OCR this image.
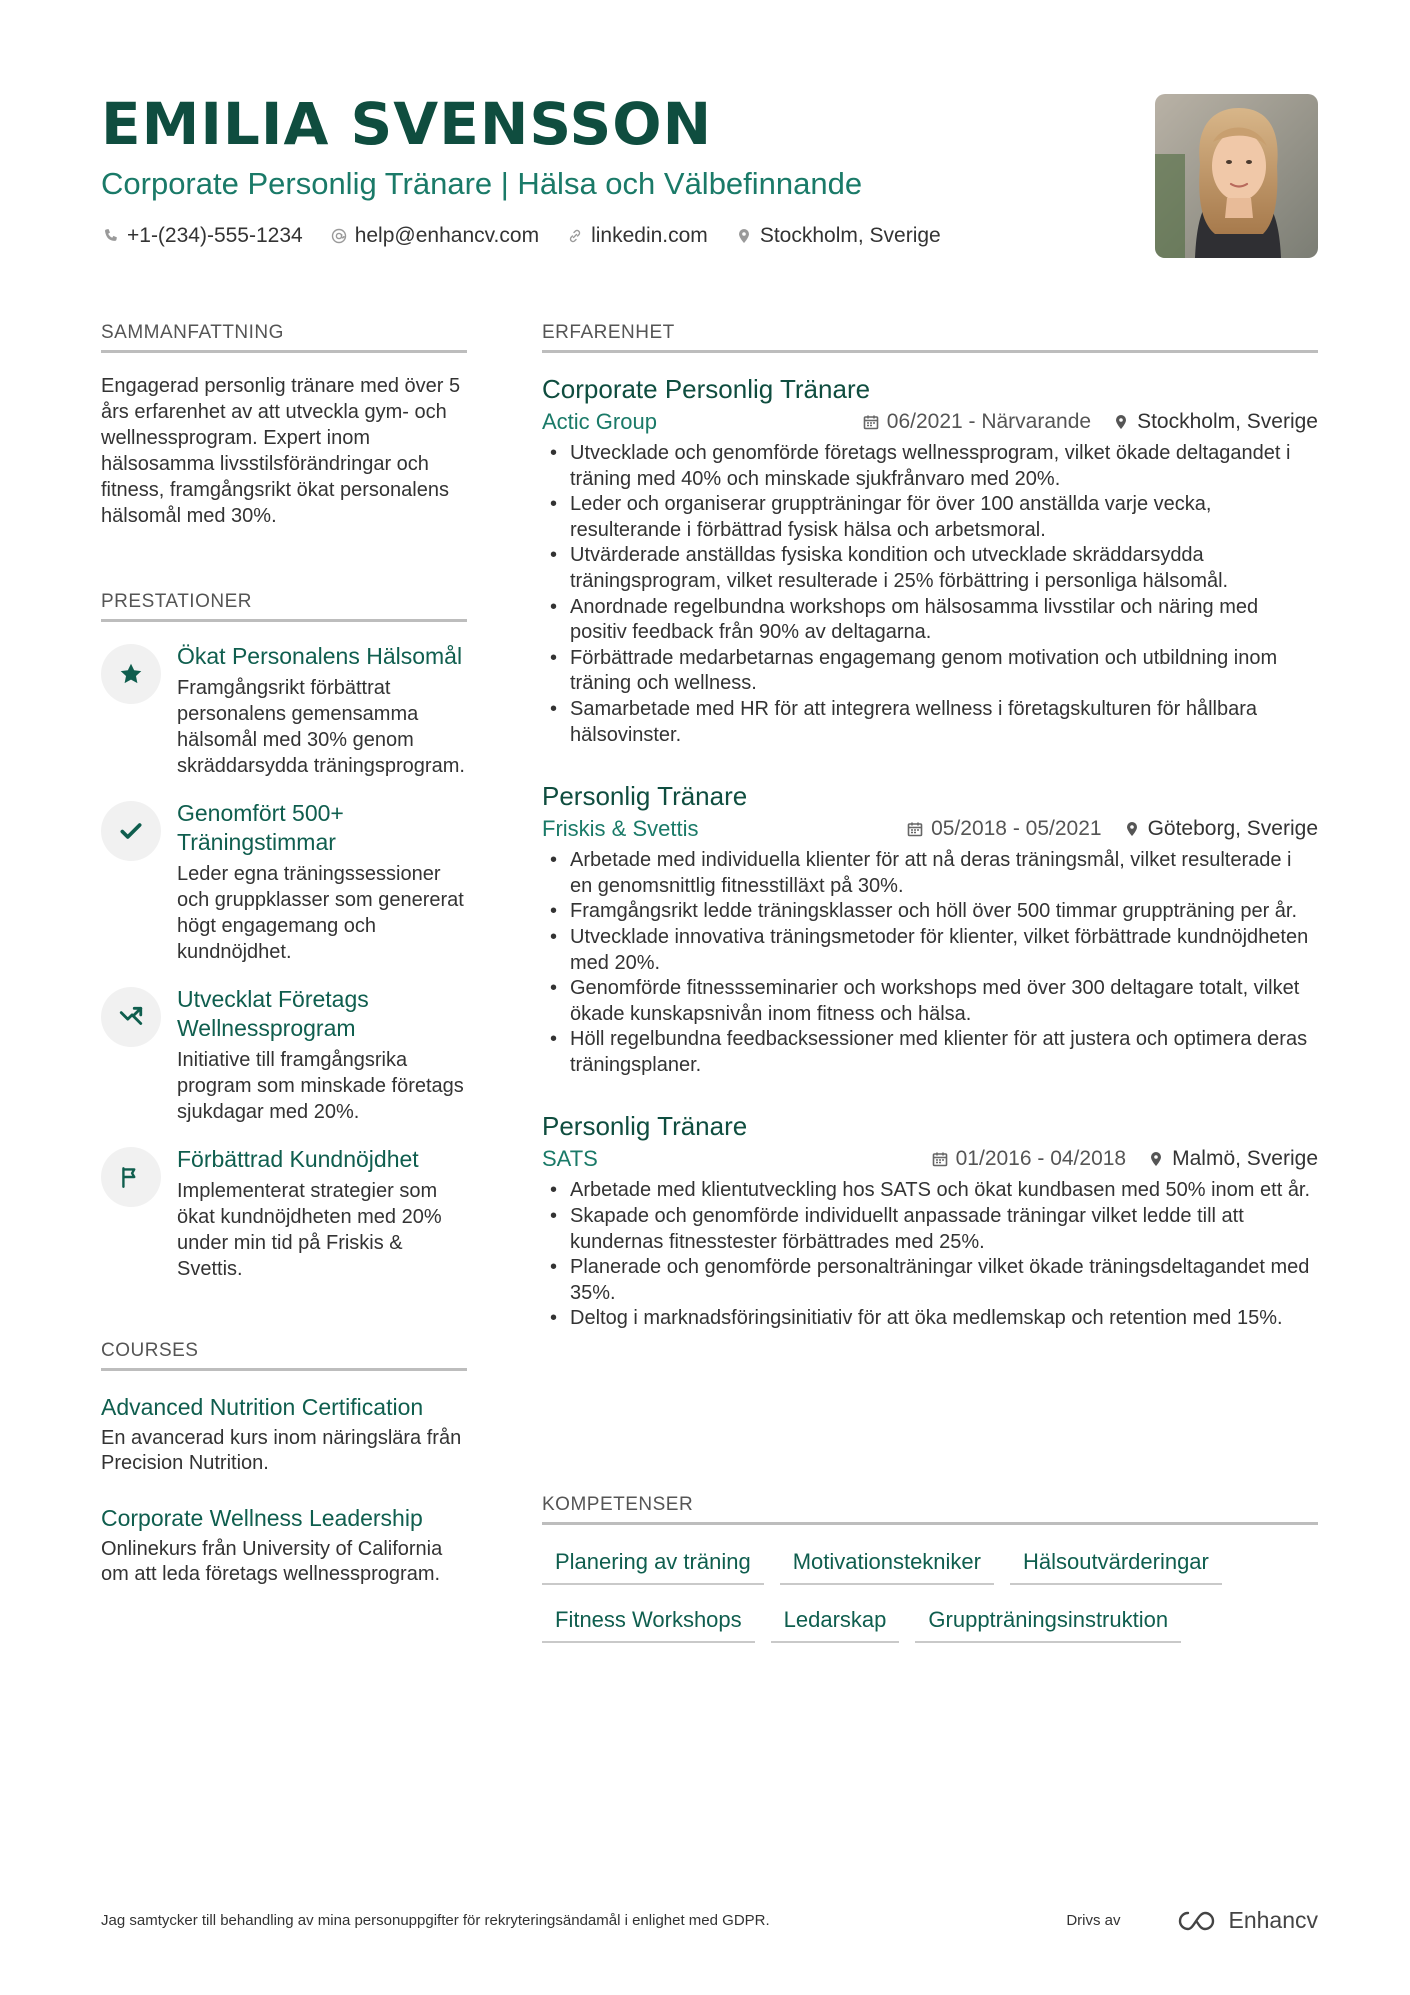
EMILIA SVENSSON
Corporate Personlig Tränare | Hälsa och Välbefinnande
+1-(234)-555-1234 help@enhancv.com linkedin.com Stockholm, Sverige
SAMMANFATTNING

Engagerad personlig tränare med över 5 års erfarenhet av att utveckla gym- och wellnessprogram. Expert inom hälsosamma livsstilsförändringar och fitness, framgångsrikt ökat personalens hälsomål med 30%.

PRESTATIONER
Ökat Personalens Hälsomål
Framgångsrikt förbättrat personalens gemensamma hälsomål med 30% genom skräddarsydda träningsprogram.
Genomfört 500+ Träningstimmar
Leder egna träningssessioner och gruppklasser som genererat högt engagemang och kundnöjdhet.
Utvecklat Företags Wellnessprogram
Initiative till framgångsrika program som minskade företags sjukdagar med 20%.
Förbättrad Kundnöjdhet
Implementerat strategier som ökat kundnöjdheten med 20% under min tid på Friskis & Svettis.
COURSES
Advanced Nutrition Certification
En avancerad kurs inom näringslära från Precision Nutrition.
Corporate Wellness Leadership
Onlinekurs från University of California om att leda företags wellnessprogram.
ERFARENHET
Corporate Personlig Tränare
Actic Group	06/2021 - Närvarande Stockholm, Sverige
• Utvecklade och genomförde företags wellnessprogram, vilket ökade deltagandet i träning med 40% och minskade sjukfrånvaro med 20%.
• Leder och organiserar gruppträningar för över 100 anställda varje vecka, resulterande i förbättrad fysisk hälsa och arbetsmoral.
• Utvärderade anställdas fysiska kondition och utvecklade skräddarsydda träningsprogram, vilket resulterade i 25% förbättring i personliga hälsomål.
• Anordnade regelbundna workshops om hälsosamma livsstilar och näring med positiv feedback från 90% av deltagarna.
• Förbättrade medarbetarnas engagemang genom motivation och utbildning inom träning och wellness.
• Samarbetade med HR för att integrera wellness i företagskulturen för hållbara hälsovinster.
Personlig Tränare
Friskis & Svettis	05/2018 - 05/2021 Göteborg, Sverige
• Arbetade med individuella klienter för att nå deras träningsmål, vilket resulterade i en genomsnittlig fitnesstilläxt på 30%.
• Framgångsrikt ledde träningsklasser och höll över 500 timmar gruppträning per år.
• Utvecklade innovativa träningsmetoder för klienter, vilket förbättrade kundnöjdheten med 20%.
• Genomförde fitnessseminarier och workshops med över 300 deltagare totalt, vilket ökade kunskapsnivån inom fitness och hälsa.
• Höll regelbundna feedbacksessioner med klienter för att justera och optimera deras träningsplaner.
Personlig Tränare
SATS	01/2016 - 04/2018 Malmö, Sverige
• Arbetade med klientutveckling hos SATS och ökat kundbasen med 50% inom ett år.
• Skapade och genomförde individuellt anpassade träningar vilket ledde till att kundernas fitnesstester förbättrades med 25%.
• Planerade och genomförde personalträningar vilket ökade träningsdeltagandet med 35%.
• Deltog i marknadsföringsinitiativ för att öka medlemskap och retention med 15%.
KOMPETENSER
Planering av träning	Motivationstekniker	Hälsoutvärderingar
Fitness Workshops	Ledarskap	Gruppträningsinstruktion
Jag samtycker till behandling av mina personuppgifter för rekryteringsändamål i enlighet med GDPR.	Drivs av	Enhancv
